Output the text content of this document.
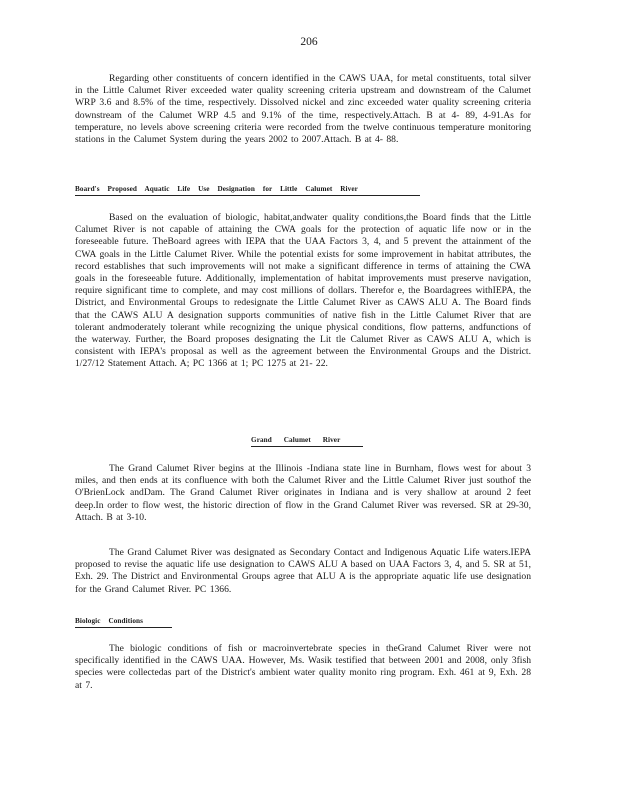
206
Regarding other constituents of concern identified in the CAWS UAA, for metal constituents, total silver in the Little Calumet River exceeded water quality screening criteria upstream and downstream of the Calumet WRP 3.6 and 8.5% of the time, respectively. Dissolved nickel and zinc exceeded water quality screening criteria downstream of the Calumet WRP 4.5 and 9.1% of the time, respectively.Attach. B at 4- 89, 4-91.As for temperature, no levels above screening criteria were recorded from the twelve continuous temperature monitoring stations in the Calumet System during the years 2002 to 2007.Attach. B at 4- 88.
Board's Proposed Aquatic Life Use Designation for Little Calumet River
Based on the evaluation of biologic, habitat,andwater quality conditions,the Board finds that the Little Calumet River is not capable of attaining the CWA goals for the protection of aquatic life now or in the foreseeable future. TheBoard agrees with IEPA that the UAA Factors 3, 4, and 5 prevent the attainment of the CWA goals in the Little Calumet River. While the potential exists for some improvement in habitat attributes, the record establishes that such improvements will not make a significant difference in terms of attaining the CWA goals in the foreseeable future. Additionally, implementation of habitat improvements must preserve navigation, require significant time to complete, and may cost millions of dollars. Therefor e, the Boardagrees withIEPA, the District, and Environmental Groups to redesignate the Little Calumet River as CAWS ALU A. The Board finds that the CAWS ALU A designation supports communities of native fish in the Little Calumet River that are tolerant andmoderately tolerant while recognizing the unique physical conditions, flow patterns, andfunctions of the waterway. Further, the Board proposes designating the Lit tle Calumet River as CAWS ALU A, which is consistent with IEPA's proposal as well as the agreement between the Environmental Groups and the District. 1/27/12 Statement Attach. A; PC 1366 at 1; PC 1275 at 21- 22.
Grand Calumet River
The Grand Calumet River begins at the Illinois -Indiana state line in Burnham, flows west for about 3 miles, and then ends at its confluence with both the Calumet River and the Little Calumet River just southof the O'BrienLock andDam. The Grand Calumet River originates in Indiana and is very shallow at around 2 feet deep.In order to flow west, the historic direction of flow in the Grand Calumet River was reversed. SR at 29-30, Attach. B at 3-10.
The Grand Calumet River was designated as Secondary Contact and Indigenous Aquatic Life waters.IEPA proposed to revise the aquatic life use designation to CAWS ALU A based on UAA Factors 3, 4, and 5. SR at 51, Exh. 29. The District and Environmental Groups agree that ALU A is the appropriate aquatic life use designation for the Grand Calumet River. PC 1366.
Biologic Conditions
The biologic conditions of fish or macroinvertebrate species in theGrand Calumet River were not specifically identified in the CAWS UAA. However, Ms. Wasik testified that between 2001 and 2008, only 3fish species were collectedas part of the District's ambient water quality monito ring program. Exh. 461 at 9, Exh. 28 at 7.
